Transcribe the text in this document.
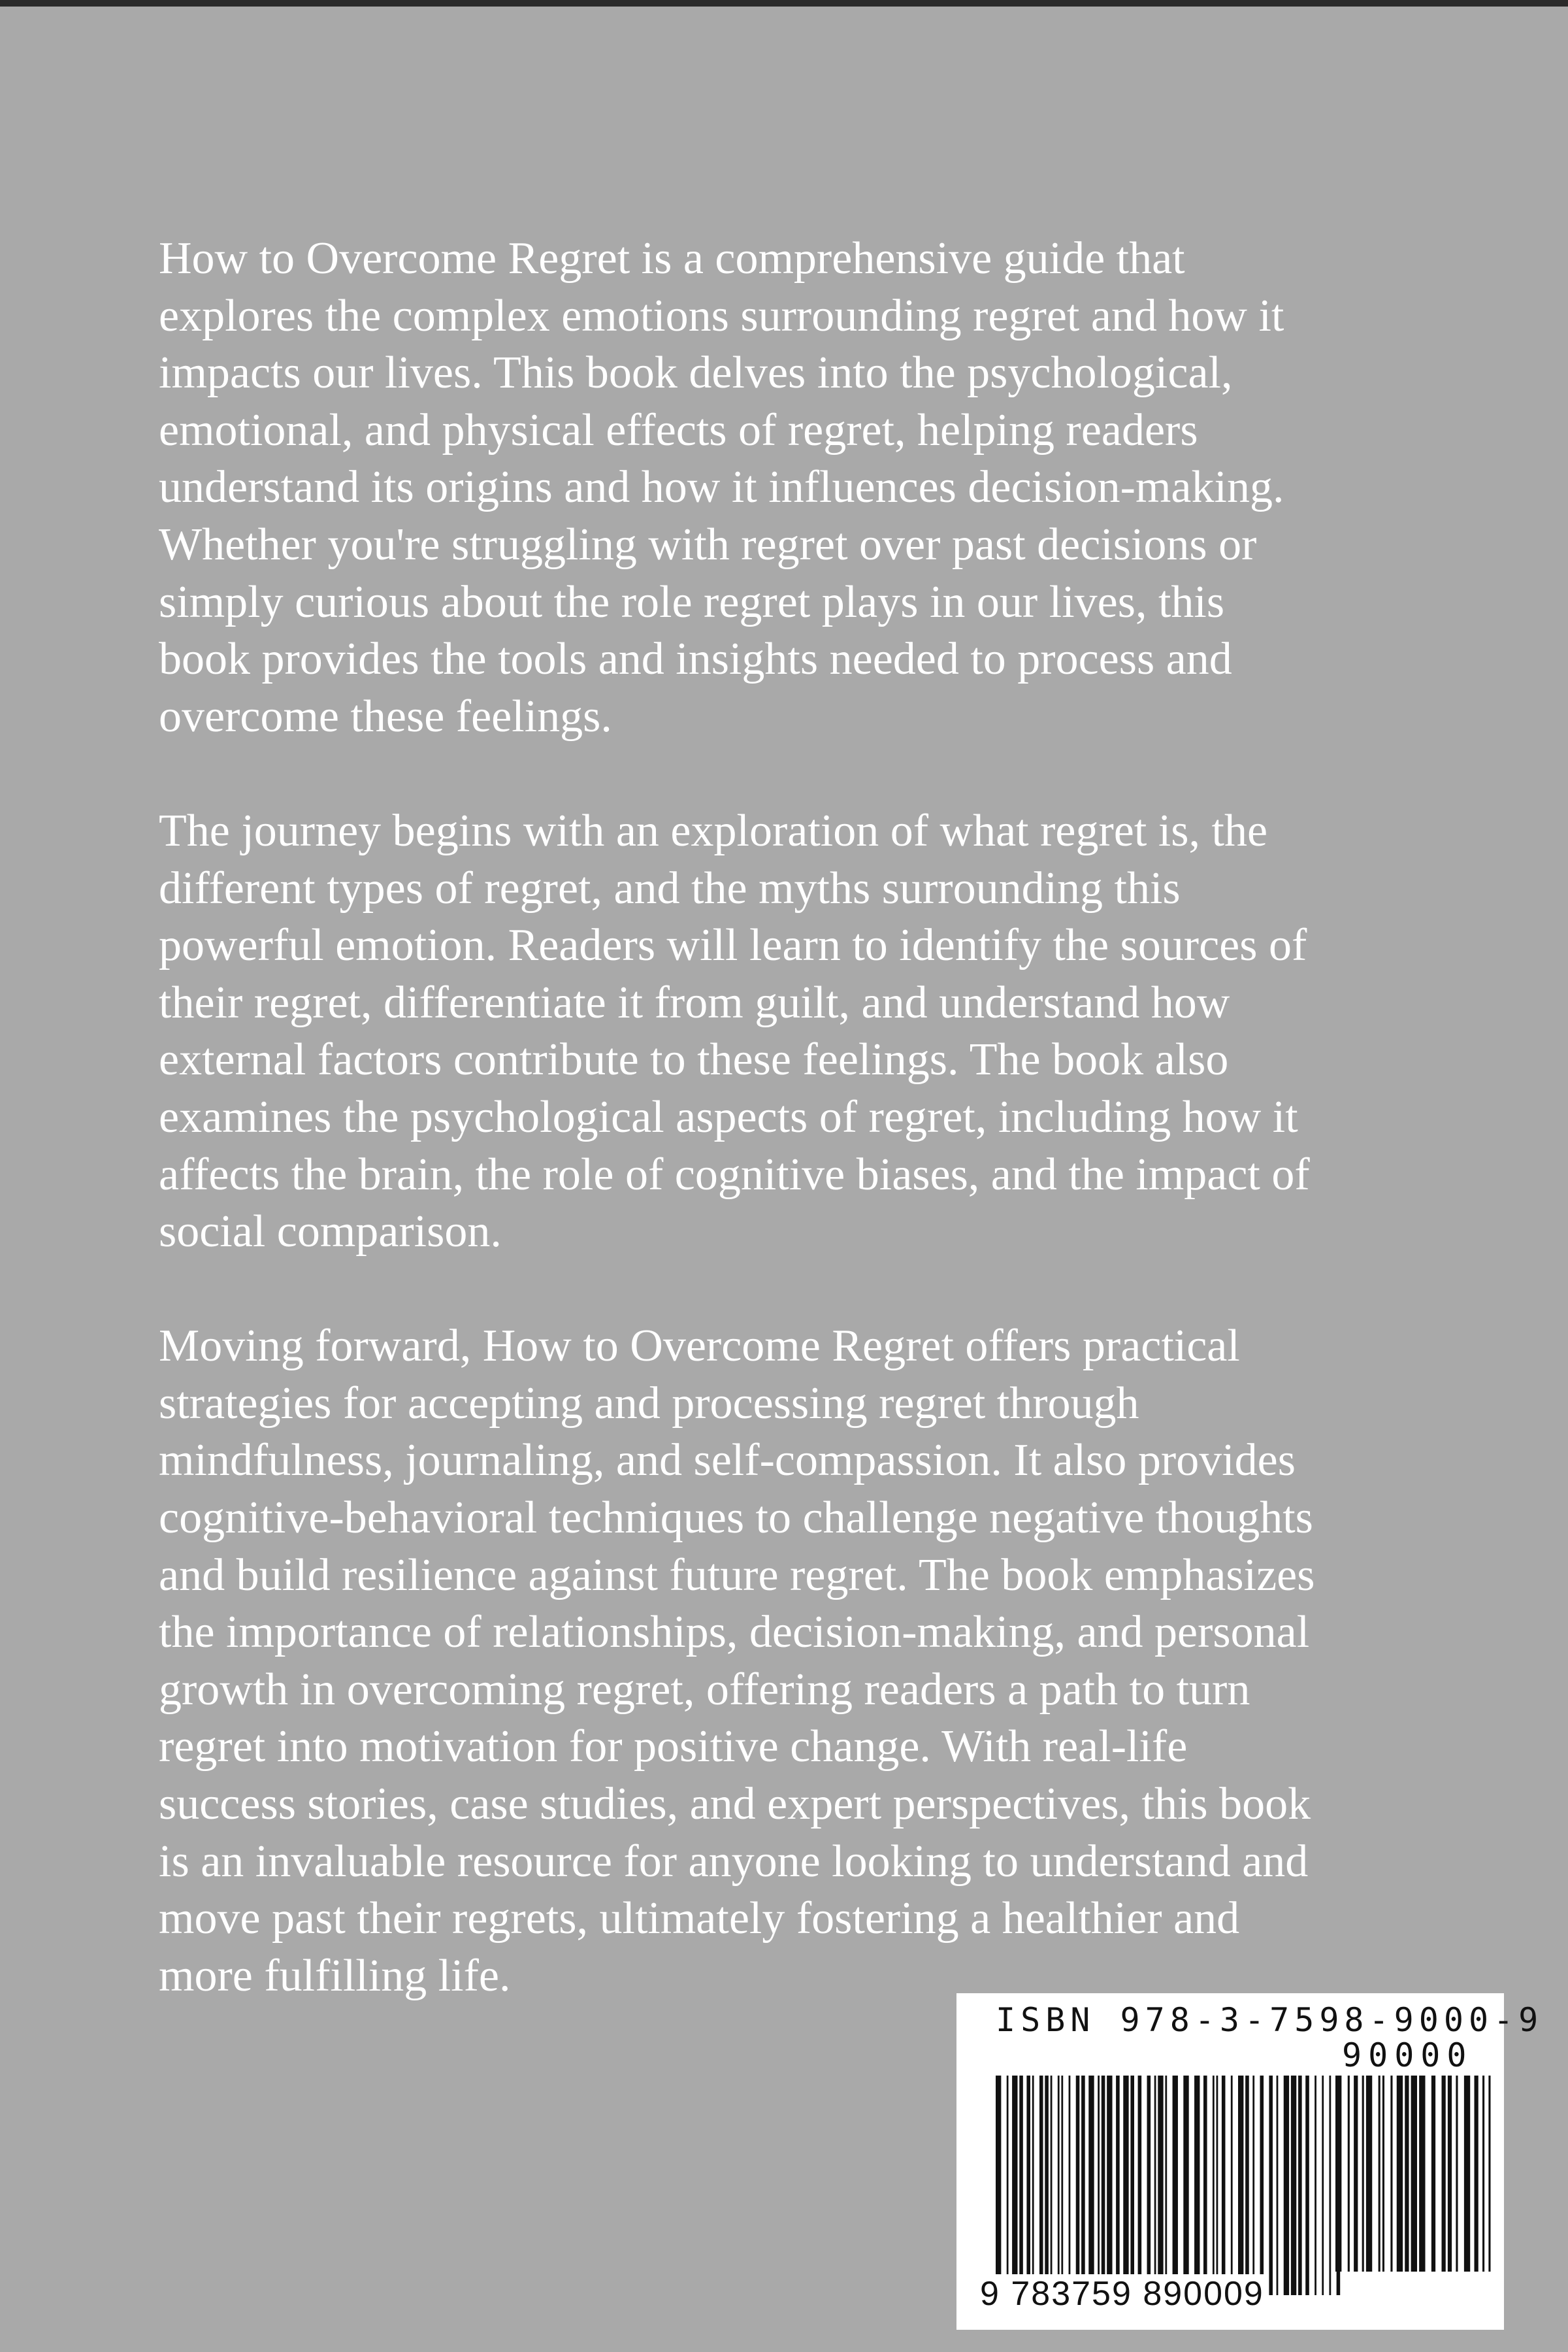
How to Overcome Regret is a comprehensive guide that
explores the complex emotions surrounding regret and how it
impacts our lives. This book delves into the psychological,
emotional, and physical effects of regret, helping readers
understand its origins and how it influences decision-making.
Whether you're struggling with regret over past decisions or
simply curious about the role regret plays in our lives, this
book provides the tools and insights needed to process and
overcome these feelings.

The journey begins with an exploration of what regret is, the
different types of regret, and the myths surrounding this
powerful emotion. Readers will learn to identify the sources of
their regret, differentiate it from guilt, and understand how
external factors contribute to these feelings. The book also
examines the psychological aspects of regret, including how it
affects the brain, the role of cognitive biases, and the impact of
social comparison.

Moving forward, How to Overcome Regret offers practical
strategies for accepting and processing regret through
mindfulness, journaling, and self-compassion. It also provides
cognitive-behavioral techniques to challenge negative thoughts
and build resilience against future regret. The book emphasizes
the importance of relationships, decision-making, and personal
growth in overcoming regret, offering readers a path to turn
regret into motivation for positive change. With real-life
success stories, case studies, and expert perspectives, this book
is an invaluable resource for anyone looking to understand and
move past their regrets, ultimately fostering a healthier and
more fulfilling life.

ISBN 978-3-7598-9000-9
90000
9 783759 890009
